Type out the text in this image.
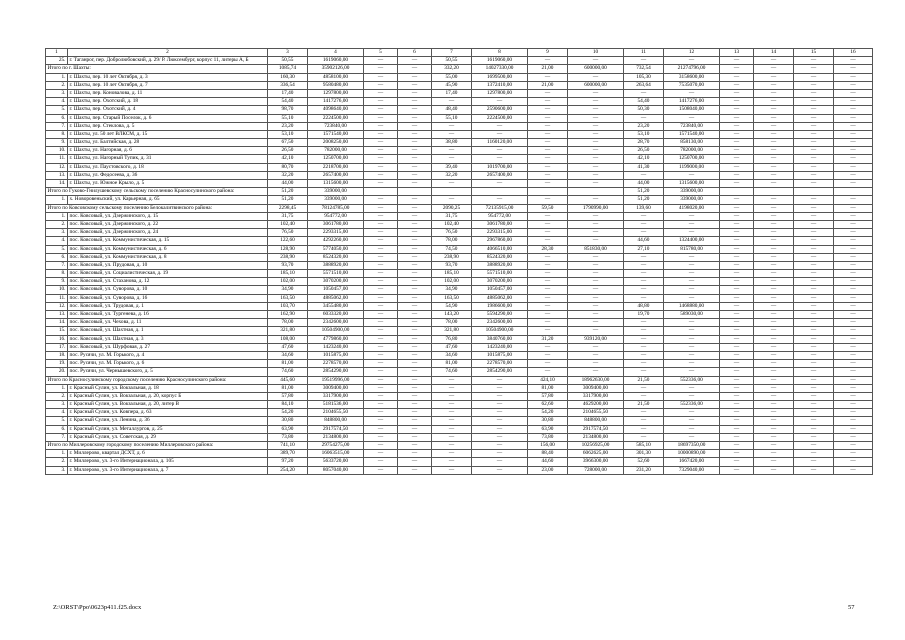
1	2	3	4	5	6	7	8	9	10	11	12	13	14	15	16
25.	г. Таганрог, пер. Добролюбовский, д. 29/ Р. Люксембург, корпус 11, литеры А, Б	50,55	1619060,00	—	—	50,55	1619060,00	—	—	—	—	—	—	—	—
Итого по г. Шахты:		1085,74	35902126,00	—	—	332,20	14027330,00	21,00	600000,00	732,54	21274796,00	—	—	—	—
1.	г. Шахты, пер. 10 лет Октября, д. 3	160,30	4858100,00	—	—	55,00	1699500,00	—	—	105,30	3158600,00	—	—	—	—
2.	г. Шахты, пер. 10 лет Октября, д. 7	336,54	9580480,00	—	—	45,90	1372410,00	21,00	600000,00	263,64	7535070,00	—	—	—	—
3.	г. Шахты, пер. Коновалова, д. 11	17,40	1297800,00	—	—	17,40	1297800,00	—	—	—	—	—	—	—	—
4.	г. Шахты, пер. Охотский, д. 18	54,40	1417276,00	—	—	—	—	—	—	54,40	1417276,00	—	—	—	—
5.	г. Шахты, пер. Охотский, д. 4	98,70	4098640,00	—	—	48,40	2590600,00	—	—	50,30	1508040,00	—	—	—	—
6.	г. Шахты, пер. Старый Поселок, д. 6	55,10	2224500,00	—	—	55,10	2224500,00	—	—	—	—	—	—	—	—
7.	г. Шахты, пер. Стеклова, д. 5	23,20	723840,00	—	—	—	—	—	—	23,20	723840,00	—	—	—	—
8.	г. Шахты, ул. 50 лет ВЛКСМ, д. 15	53,10	1571540,00	—	—	—	—	—	—	53,10	1571540,00	—	—	—	—
9.	г. Шахты, ул. Балтийская, д. 28	67,50	2008250,00	—	—	38,80	1160120,00	—	—	28,70	858130,00	—	—	—	—
10.	г. Шахты, ул. Нагорная, д. 6	26,50	782000,00	—	—	—	—	—	—	26,50	782000,00	—	—	—	—
11.	г. Шахты, ул. Нагорный Тупик, д. 31	42,10	1250700,00	—	—	—	—	—	—	42,10	1250700,00	—	—	—	—
12.	г. Шахты, ул. Паустовского, д. 18	80,70	2218700,00	—	—	39,40	1019700,00	—	—	41,30	1199000,00	—	—	—	—
13.	г. Шахты, ул. Федосеева, д. 36	32,20	2657400,00	—	—	32,20	2657400,00	—	—	—	—	—	—	—	—
14.	г. Шахты, ул. Южное Крыло, д. 5	44,00	1315600,00	—	—	—	—	—	—	44,00	1315600,00	—	—	—	—
Итого по Гуково-Гнилушевскому сельскому поселению Красносулинского района:		51,20	339000,00							51,20	339000,00				
1.	х. Новоровеньский, ул. Карьерная, д. 65	51,20	339000,00	—	—	—	—	—	—	51,20	339000,00	—	—	—	—
Итого по Ковсовскому сельскому поселению Белокалитвинского района:		2298,45	78124785,00	—	—	2090,25	72135915,00	59,50	1790990,00	139,60	4198020,00	—	—	—	—
1.	пос. Ковсовый, ул. Дзержинского, д. 15	31,75	954772,00	—	—	31,75	954772,00	—	—	—	—	—	—	—	—
2.	пос. Ковсовый, ул. Дзержинского, д. 22	102,40	3061780,00	—	—	102,40	3061780,00	—	—	—	—	—	—	—	—
3.	пос. Ковсовый, ул. Дзержинского, д. 24	76,50	2293315,00	—	—	76,50	2293315,00	—	—	—	—	—	—	—	—
4.	пос. Ковсовый, ул. Коммунистическая, д. 15	122,60	4292260,00	—	—	78,00	2967860,00	—	—	44,60	1324400,00	—	—	—	—
5.	пос. Ковсовый, ул. Коммунистическая, д. 6	128,90	5774050,00	—	—	74,50	4066510,00	28,30	851830,00	27,10	815780,00	—	—	—	—
6.	пос. Ковсовый, ул. Коммунистическая, д. 8	238,90	8524320,00	—	—	238,90	8524320,00	—	—	—	—	—	—	—	—
7.	пос. Ковсовый, ул. Прудовая, д. 10	93,70	3888920,00	—	—	93,70	3888920,00	—	—	—	—	—	—	—	—
8.	пос. Ковсовый, ул. Социалистическая, д. 19	185,10	5571510,00	—	—	185,10	5571510,00	—	—	—	—	—	—	—	—
9.	пос. Ковсовый, ул. Стаханова, д. 12	102,00	3070200,00	—	—	102,00	3070200,00	—	—	—	—	—	—	—	—
10.	пос. Ковсовый, ул. Суворова, д. 10	34,90	1050457,00	—	—	34,90	1050457,00	—	—	—	—	—	—	—	—
11.	пос. Ковсовый, ул. Суворова, д. 16	163,50	4885062,00	—	—	163,50	4885062,00	—	—	—	—	—	—	—	—
12.	пос. Ковсовый, ул. Трудовая, д. 1	103,70	3455480,00	—	—	54,90	1986600,00	—	—	48,80	1468880,00	—	—	—	—
13.	пос. Ковсовый, ул. Тургенева, д. 16	162,90	6033320,00	—	—	143,20	5594290,00	—	—	19,70	589030,00	—	—	—	—
14.	пос. Ковсовый, ул. Чехова, д. 11	78,00	2342600,00	—	—	78,00	2342600,00	—	—	—	—	—	—	—	—
15.	пос. Ковсовый, ул. Шахтная, д. 1	321,80	10504900,00	—	—	321,80	10504900,00	—	—	—	—	—	—	—	—
16.	пос. Ковсовый, ул. Шахтная, д. 3	108,00	4779860,00	—	—	76,80	3840760,00	31,20	939120,00	—	—	—	—	—	—
17.	пос. Ковсовый, ул. Шурфовая, д. 27	47,60	1423240,00	—	—	47,60	1423240,00	—	—	—	—	—	—	—	—
18.	пос. Русячи, ул. М. Горького, д. 4	34,60	1015875,00	—	—	34,60	1015875,00	—	—	—	—	—	—	—	—
19.	пос. Русячи, ул. М. Горького, д. 6	81,00	2278570,00	—	—	81,00	2278570,00	—	—	—	—	—	—	—	—
20.	пос. Русячи, ул. Чернышевского, д. 5	74,60	2854290,00	—	—	74,60	2854290,00	—	—	—	—	—	—	—	—
Итого по Красносулинскому городскому поселению Красносулинского района:		445,60	19519996,00	—	—	—	—	424,10	18962630,00	21,50	552336,00	—	—	—	—
1.	г. Красный Сулин, ул. Вокзальная, д. 18	81,00	3009400,00	—	—	—	—	81,00	3009400,00	—	—	—	—	—	—
2.	г. Красный Сулин, ул. Вокзальная, д. 20, корпус Б	57,80	3317900,00	—	—	—	—	57,80	3317900,00	—	—	—	—	—	—
3.	г. Красный Сулин, ул. Вокзальная, д. 20, литер В	84,10	5181536,00	—	—	—	—	62,60	4629200,00	21,50	552336,00	—	—	—	—
4.	г. Красный Сулин, ул. Ковпера, д. 63	54,20	2104655,50	—	—	—	—	54,20	2104655,50	—	—	—	—	—	—
5.	г. Красный Сулин, ул. Ленина, д. 36	30,80	848800,00	—	—	—	—	30,80	848800,00	—	—	—	—	—	—
6.	г. Красный Сулин, ул. Металлургов, д. 25	63,90	2917574,50	—	—	—	—	63,90	2917574,50	—	—	—	—	—	—
7.	г. Красный Сулин, ул. Советская, д. 29	73,80	2134800,00	—	—	—	—	73,80	2134800,00	—	—	—	—	—	—
Итого по Миллеровскому городскому поселению Миллеровского района:		741,10	29754275,00	—	—	—	—	156,00	10256925,00	585,10	18697350,00	—	—	—	—
1.	г. Миллерово, квартал ДСХТ, д. 6	389,70	16063515,00	—	—	—	—	88,40	6062625,00	301,30	10000890,00	—	—	—	—
2.	г. Миллерово, ул. 3-го Интернационала, д. 105	97,20	5633720,00	—	—	—	—	44,60	3966300,00	52,60	1667420,00	—	—	—	—
3.	г. Миллерово, ул. 3-го Интернационала, д. 7	254,20	8057040,00	—	—	—	—	23,00	728000,00	231,20	7329040,00	—	—	—	—
Z:\ORST\Ppo\0623p411.f25.docx	57
